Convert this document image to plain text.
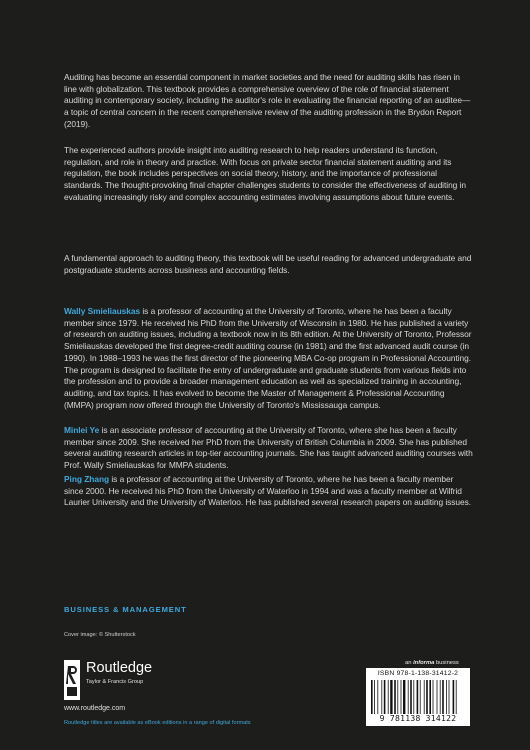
Auditing has become an essential component in market societies and the need for auditing skills has risen in line with globalization. This textbook provides a comprehensive overview of the role of financial statement auditing in contemporary society, including the auditor's role in evaluating the financial reporting of an auditee—a topic of central concern in the recent comprehensive review of the auditing profession in the Brydon Report (2019).

The experienced authors provide insight into auditing research to help readers understand its function, regulation, and role in theory and practice. With focus on private sector financial statement auditing and its regulation, the book includes perspectives on social theory, history, and the importance of professional standards. The thought-provoking final chapter challenges students to consider the effectiveness of auditing in evaluating increasingly risky and complex accounting estimates involving assumptions about future events.

A fundamental approach to auditing theory, this textbook will be useful reading for advanced undergraduate and postgraduate students across business and accounting fields.

Wally Smieliauskas is a professor of accounting at the University of Toronto, where he has been a faculty member since 1979. He received his PhD from the University of Wisconsin in 1980. He has published a variety of research on auditing issues, including a textbook now in its 8th edition. At the University of Toronto, Professor Smieliauskas developed the first degree-credit auditing course (in 1981) and the first advanced audit course (in 1990). In 1988–1993 he was the first director of the pioneering MBA Co-op program in Professional Accounting. The program is designed to facilitate the entry of undergraduate and graduate students from various fields into the profession and to provide a broader management education as well as specialized training in accounting, auditing, and tax topics. It has evolved to become the Master of Management & Professional Accounting (MMPA) program now offered through the University of Toronto's Mississauga campus.

Minlei Ye is an associate professor of accounting at the University of Toronto, where she has been a faculty member since 2009. She received her PhD from the University of British Columbia in 2009. She has published several auditing research articles in top-tier accounting journals. She has taught advanced auditing courses with Prof. Wally Smieliauskas for MMPA students.

Ping Zhang is a professor of accounting at the University of Toronto, where he has been a faculty member since 2000. He received his PhD from the University of Waterloo in 1994 and was a faculty member at Wilfrid Laurier University and the University of Waterloo. He has published several research papers on auditing issues.

BUSINESS & MANAGEMENT
Cover image: © Shutterstock
Routledge
Taylor & Francis Group
www.routledge.com
Routledge titles are available as eBook editions in a range of digital formats
an informa business
ISBN 978-1-138-31412-2
9 781138 314122
